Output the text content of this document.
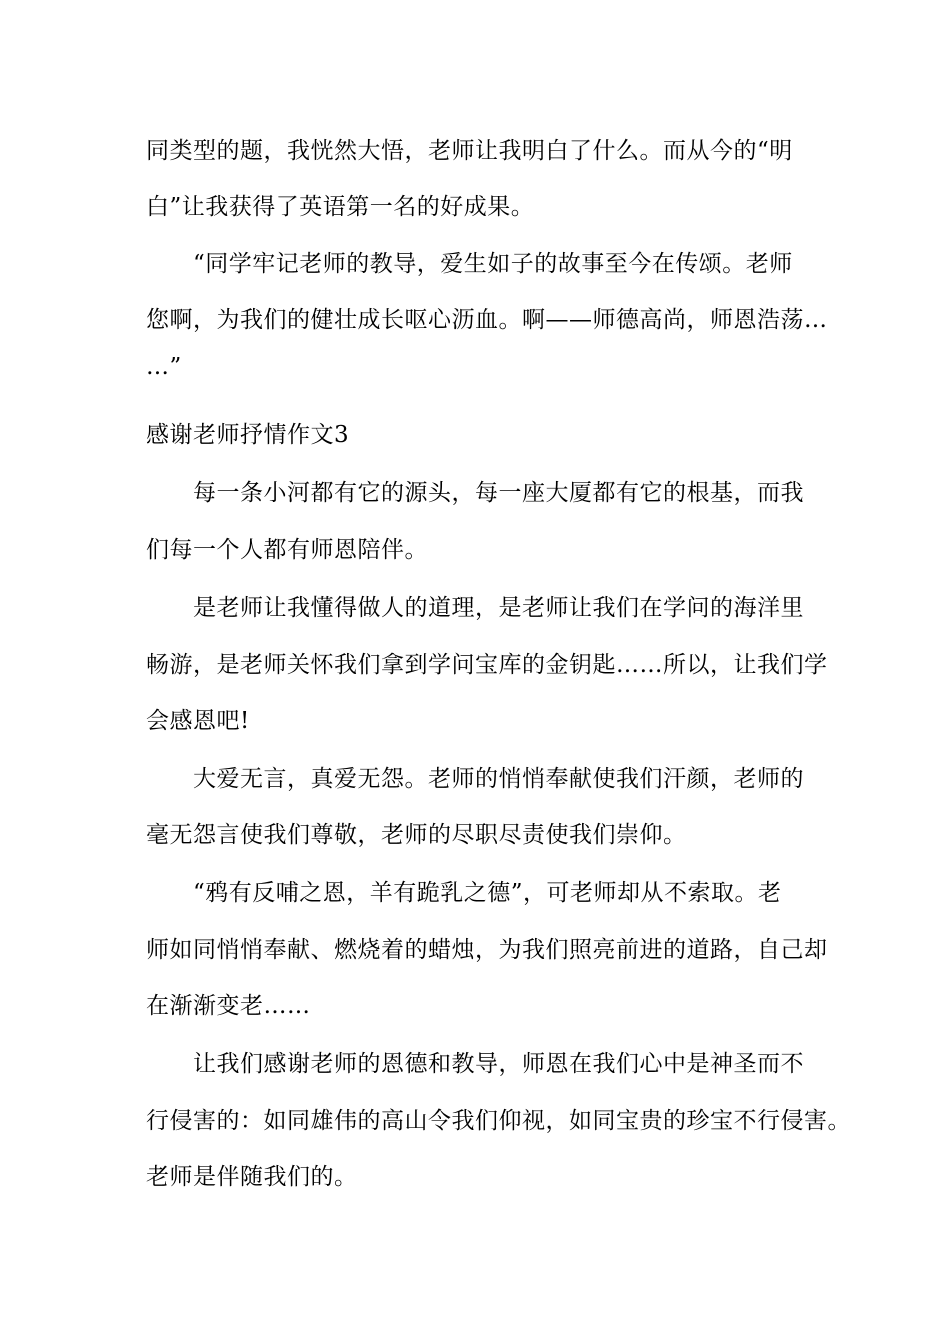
同类型的题，我恍然大悟，老师让我明白了什么。而从今的“明
白”让我获得了英语第一名的好成果。
　　“同学牢记老师的教导，爱生如子的故事至今在传颂。老师
您啊，为我们的健壮成长呕心沥血。啊——师德高尚，师恩浩荡…
…”
感谢老师抒情作文3
　　每一条小河都有它的源头，每一座大厦都有它的根基，而我
们每一个人都有师恩陪伴。
　　是老师让我懂得做人的道理，是老师让我们在学问的海洋里
畅游，是老师关怀我们拿到学问宝库的金钥匙……所以，让我们学
会感恩吧!
　　大爱无言，真爱无怨。老师的悄悄奉献使我们汗颜，老师的
毫无怨言使我们尊敬，老师的尽职尽责使我们崇仰。
　　“鸦有反哺之恩，羊有跪乳之德”，可老师却从不索取。老
师如同悄悄奉献、燃烧着的蜡烛，为我们照亮前进的道路，自己却
在渐渐变老……
　　让我们感谢老师的恩德和教导，师恩在我们心中是神圣而不
行侵害的：如同雄伟的高山令我们仰视，如同宝贵的珍宝不行侵害。
老师是伴随我们的。
